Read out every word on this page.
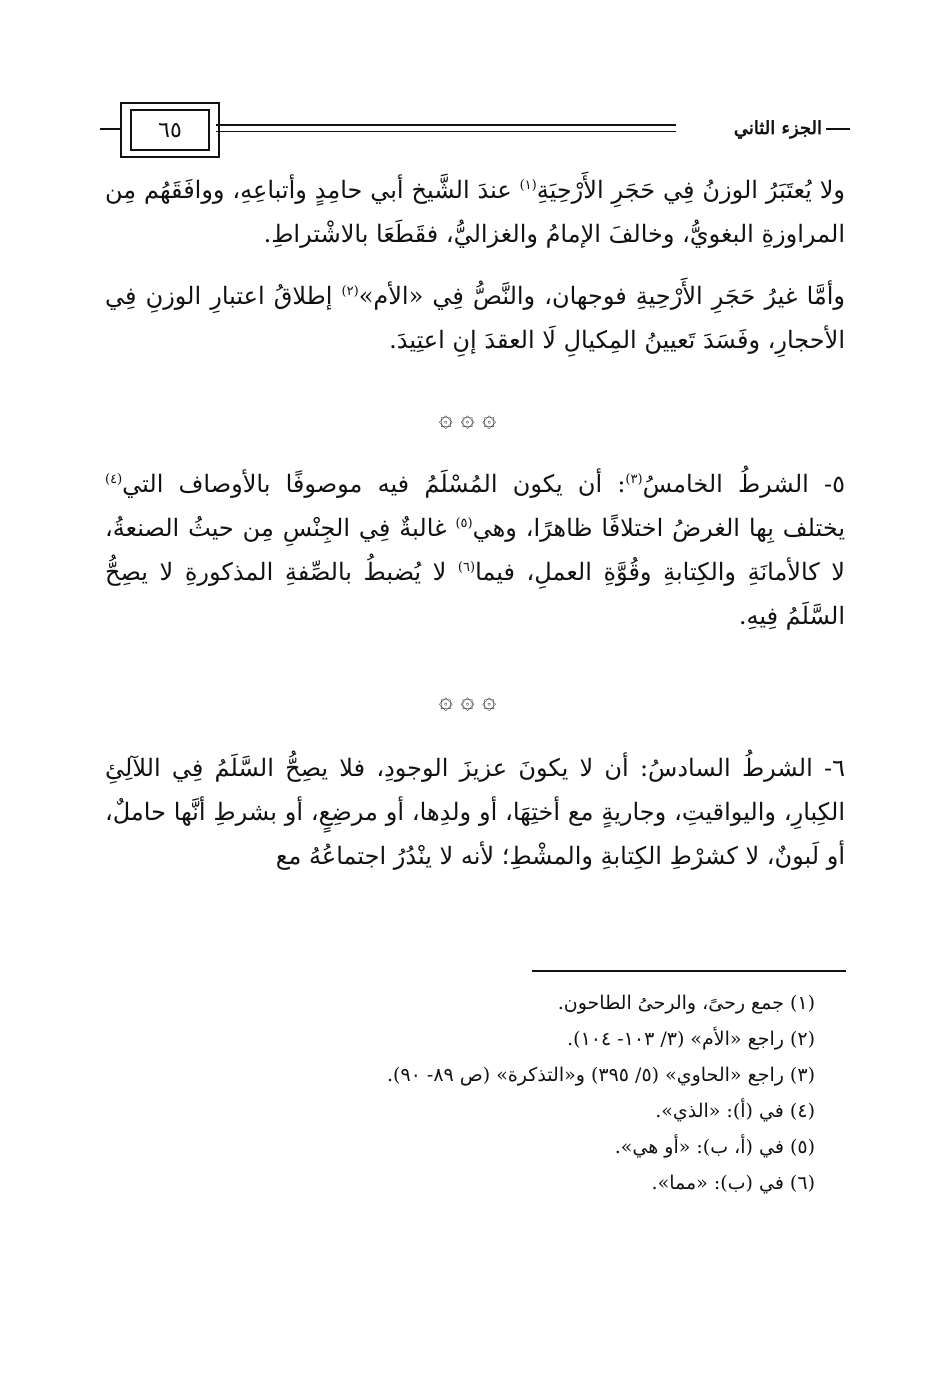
٦٥	الجزء الثاني

ولا يُعتَبَرُ الوزنُ فِي حَجَرِ الأَرْحِيَةِ$^{(١)}$ عندَ الشَّيخ أبي حامِدٍ وأتباعِهِ، ووافَقَهُم مِن المراوزةِ البغويُّ، وخالفَ الإمامُ والغزاليُّ، فقَطَعَا بالاشْتراطِ.

وأمَّا غيرُ حَجَرِ الأَرْحِيةِ فوجهان، والنَّصُّ فِي «الأم»$^{(٢)}$ إطلاقُ اعتبارِ الوزنِ فِي الأحجارِ، وفَسَدَ تَعيينُ المِكيالِ لَا العقدَ إنِ اعتِيدَ.

۞ ۞ ۞

٥- الشرطُ الخامسُ$^{(٣)}$: أن يكون المُسْلَمُ فيه موصوفًا بالأوصاف التي$^{(٤)}$ يختلف بِها الغرضُ اختلافًا ظاهرًا، وهي$^{(٥)}$ غالبةٌ فِي الجِنْسِ مِن حيثُ الصنعةُ، لا كالأمانَةِ والكِتابةِ وقُوَّةِ العملِ، فيما$^{(٦)}$ لا يُضبطُ بالصِّفةِ المذكورةِ لا يصِحُّ السَّلَمُ فِيهِ.

۞ ۞ ۞

٦- الشرطُ السادسُ: أن لا يكونَ عزيزَ الوجودِ، فلا يصِحُّ السَّلَمُ فِي اللآلِئِ الكِبارِ، واليواقيتِ، وجاريةٍ مع أختِهَا، أو ولدِها، أو مرضِعٍ، أو بشرطِ أنَّها حاملٌ، أو لَبونٌ، لا كشرْطِ الكِتابةِ والمشْطِ؛ لأنه لا ينْدُرُ اجتماعُهُ مع

(١) جمع رحىً، والرحىُ الطاحون.
(٢) راجع «الأم» (٣/ ١٠٣- ١٠٤).
(٣) راجع «الحاوي» (٥/ ٣٩٥) و«التذكرة» (ص ٨٩- ٩٠).
(٤) في (أ): «الذي».
(٥) في (أ، ب): «أو هي».
(٦) في (ب): «مما».
